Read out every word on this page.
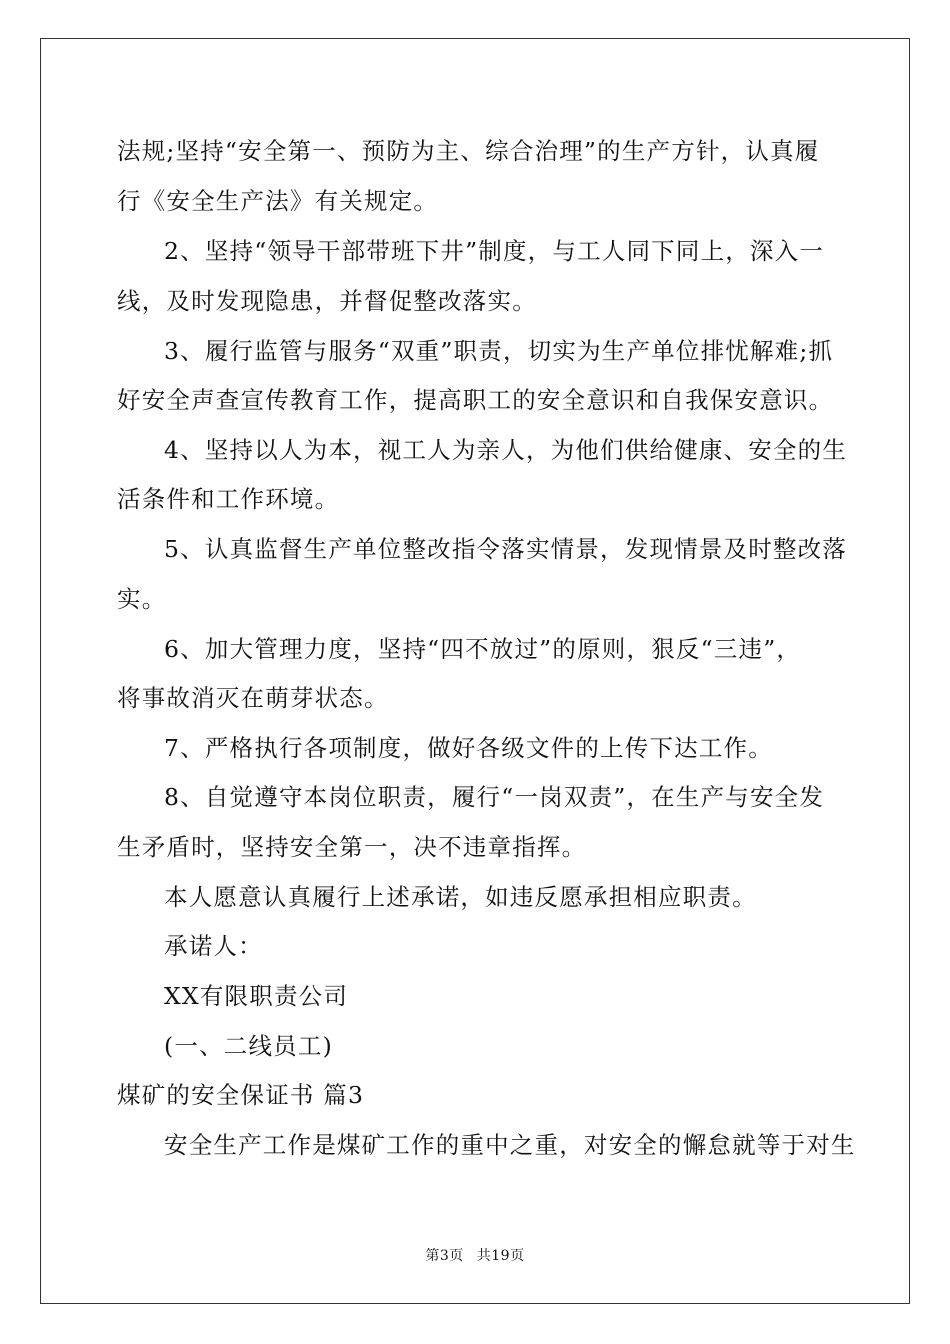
法规;坚持“安全第一、预防为主、综合治理”的生产方针，认真履
行《安全生产法》有关规定。
2、坚持“领导干部带班下井”制度，与工人同下同上，深入一
线，及时发现隐患，并督促整改落实。
3、履行监管与服务“双重”职责，切实为生产单位排忧解难;抓
好安全声查宣传教育工作，提高职工的安全意识和自我保安意识。
4、坚持以人为本，视工人为亲人，为他们供给健康、安全的生
活条件和工作环境。
5、认真监督生产单位整改指令落实情景，发现情景及时整改落
实。
6、加大管理力度，坚持“四不放过”的原则，狠反“三违”，
将事故消灭在萌芽状态。
7、严格执行各项制度，做好各级文件的上传下达工作。
8、自觉遵守本岗位职责，履行“一岗双责”，在生产与安全发
生矛盾时，坚持安全第一，决不违章指挥。
本人愿意认真履行上述承诺，如违反愿承担相应职责。
承诺人：
XX有限职责公司
(一、二线员工)
煤矿的安全保证书 篇3
安全生产工作是煤矿工作的重中之重，对安全的懈怠就等于对生
第3页 共19页
